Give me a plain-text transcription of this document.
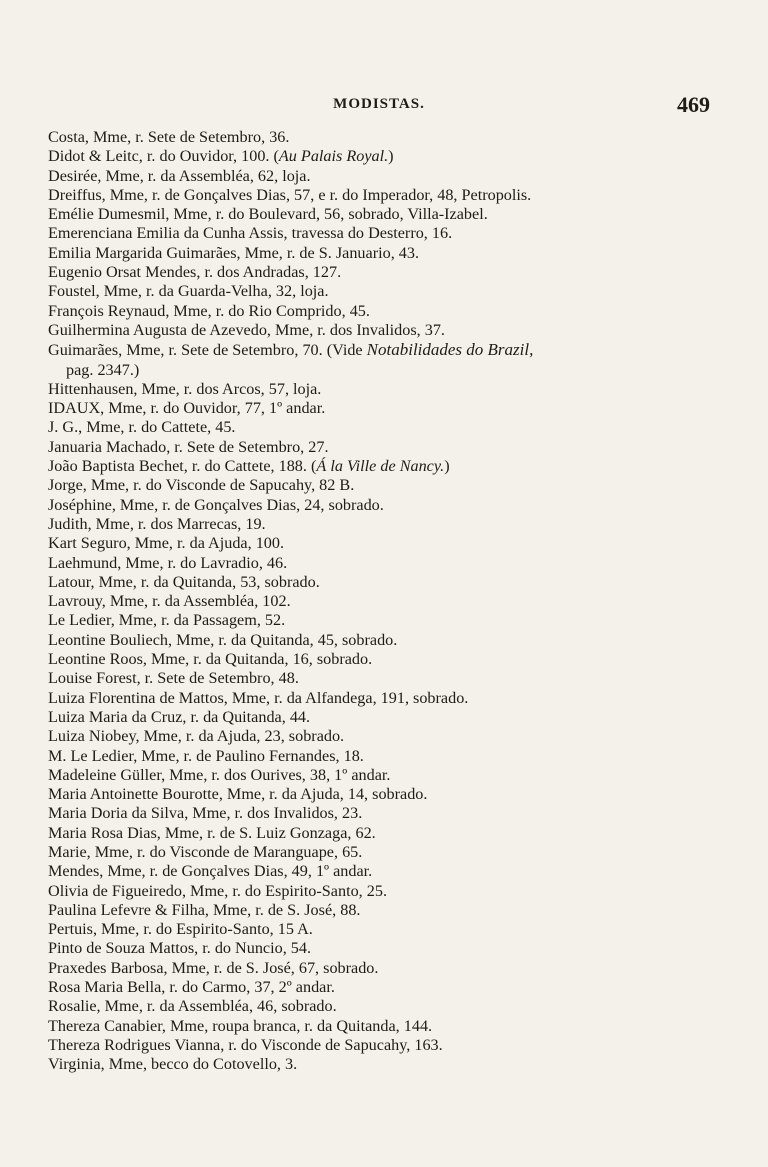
MODISTAS.	469
Costa, Mme, r. Sete de Setembro, 36.
Didot & Leitc, r. do Ouvidor, 100. (Au Palais Royal.)
Desirée, Mme, r. da Assembléa, 62, loja.
Dreiffus, Mme, r. de Gonçalves Dias, 57, e r. do Imperador, 48, Petropolis.
Emélie Dumesmil, Mme, r. do Boulevard, 56, sobrado, Villa-Izabel.
Emerenciana Emilia da Cunha Assis, travessa do Desterro, 16.
Emilia Margarida Guimarães, Mme, r. de S. Januario, 43.
Eugenio Orsat Mendes, r. dos Andradas, 127.
Foustel, Mme, r. da Guarda-Velha, 32, loja.
François Reynaud, Mme, r. do Rio Comprido, 45.
Guilhermina Augusta de Azevedo, Mme, r. dos Invalidos, 37.
Guimarães, Mme, r. Sete de Setembro, 70. (Vide Notabilidades do Brazil,
pag. 2347.)
Hittenhausen, Mme, r. dos Arcos, 57, loja.
IDAUX, Mme, r. do Ouvidor, 77, 1º andar.
J. G., Mme, r. do Cattete, 45.
Januaria Machado, r. Sete de Setembro, 27.
João Baptista Bechet, r. do Cattete, 188. (Á la Ville de Nancy.)
Jorge, Mme, r. do Visconde de Sapucahy, 82 B.
Joséphine, Mme, r. de Gonçalves Dias, 24, sobrado.
Judith, Mme, r. dos Marrecas, 19.
Kart Seguro, Mme, r. da Ajuda, 100.
Laehmund, Mme, r. do Lavradio, 46.
Latour, Mme, r. da Quitanda, 53, sobrado.
Lavrouy, Mme, r. da Assembléa, 102.
Le Ledier, Mme, r. da Passagem, 52.
Leontine Bouliech, Mme, r. da Quitanda, 45, sobrado.
Leontine Roos, Mme, r. da Quitanda, 16, sobrado.
Louise Forest, r. Sete de Setembro, 48.
Luiza Florentina de Mattos, Mme, r. da Alfandega, 191, sobrado.
Luiza Maria da Cruz, r. da Quitanda, 44.
Luiza Niobey, Mme, r. da Ajuda, 23, sobrado.
M. Le Ledier, Mme, r. de Paulino Fernandes, 18.
Madeleine Güller, Mme, r. dos Ourives, 38, 1º andar.
Maria Antoinette Bourotte, Mme, r. da Ajuda, 14, sobrado.
Maria Doria da Silva, Mme, r. dos Invalidos, 23.
Maria Rosa Dias, Mme, r. de S. Luiz Gonzaga, 62.
Marie, Mme, r. do Visconde de Maranguape, 65.
Mendes, Mme, r. de Gonçalves Dias, 49, 1º andar.
Olivia de Figueiredo, Mme, r. do Espirito-Santo, 25.
Paulina Lefevre & Filha, Mme, r. de S. José, 88.
Pertuis, Mme, r. do Espirito-Santo, 15 A.
Pinto de Souza Mattos, r. do Nuncio, 54.
Praxedes Barbosa, Mme, r. de S. José, 67, sobrado.
Rosa Maria Bella, r. do Carmo, 37, 2º andar.
Rosalie, Mme, r. da Assembléa, 46, sobrado.
Thereza Canabier, Mme, roupa branca, r. da Quitanda, 144.
Thereza Rodrigues Vianna, r. do Visconde de Sapucahy, 163.
Virginia, Mme, becco do Cotovello, 3.
